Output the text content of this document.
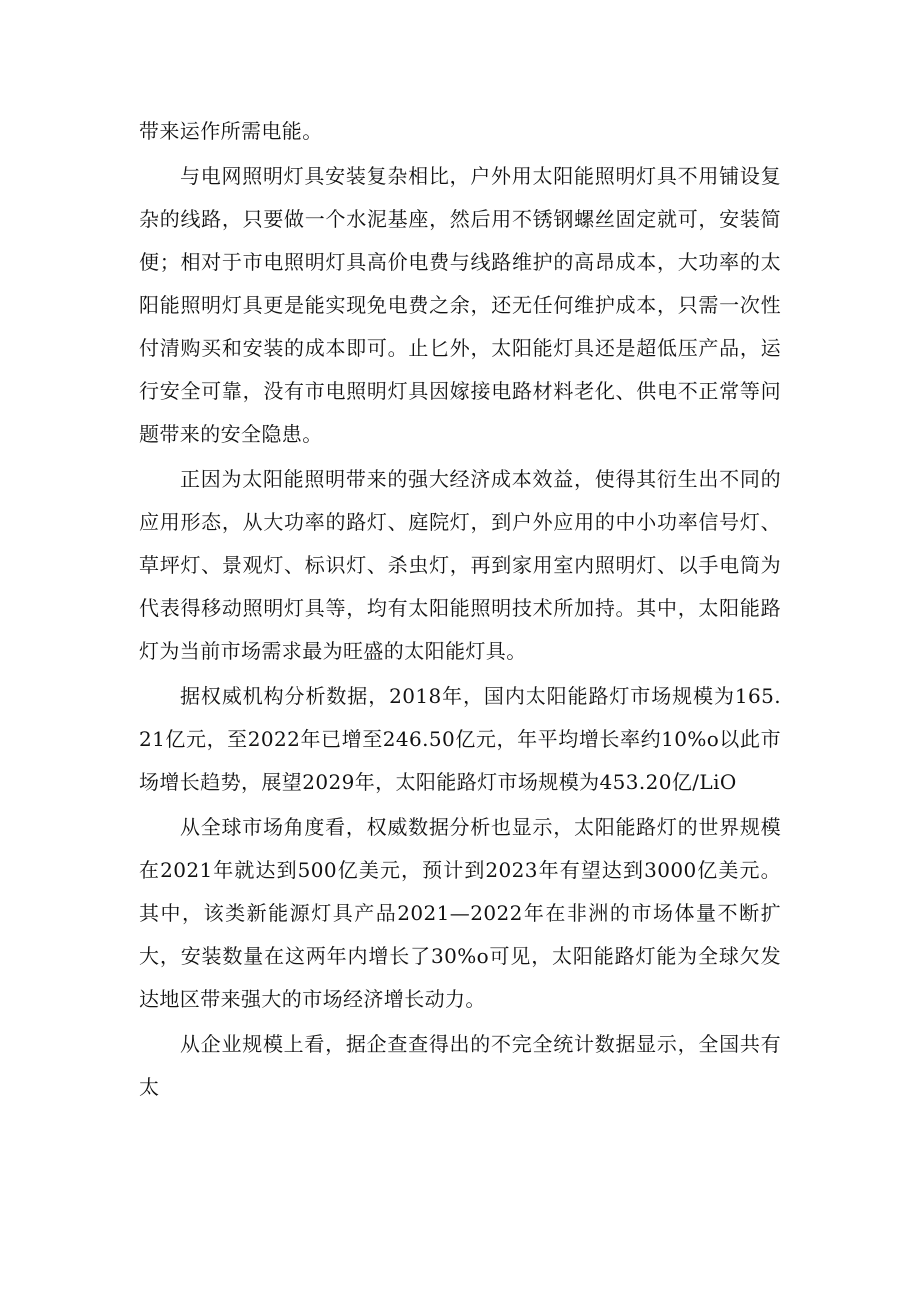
带来运作所需电能。

与电网照明灯具安装复杂相比，户外用太阳能照明灯具不用铺设复杂的线路，只要做一个水泥基座，然后用不锈钢螺丝固定就可，安装简便；相对于市电照明灯具高价电费与线路维护的高昂成本，大功率的太阳能照明灯具更是能实现免电费之余，还无任何维护成本，只需一次性付清购买和安装的成本即可。止匕外，太阳能灯具还是超低压产品，运行安全可靠，没有市电照明灯具因嫁接电路材料老化、供电不正常等问题带来的安全隐患。

正因为太阳能照明带来的强大经济成本效益，使得其衍生出不同的应用形态，从大功率的路灯、庭院灯，到户外应用的中小功率信号灯、草坪灯、景观灯、标识灯、杀虫灯，再到家用室内照明灯、以手电筒为代表得移动照明灯具等，均有太阳能照明技术所加持。其中，太阳能路灯为当前市场需求最为旺盛的太阳能灯具。

据权威机构分析数据，2018年，国内太阳能路灯市场规模为165.21亿元，至2022年已增至246.50亿元，年平均增长率约10%o以此市场增长趋势，展望2029年，太阳能路灯市场规模为453.20亿/LiO

从全球市场角度看，权威数据分析也显示，太阳能路灯的世界规模在2021年就达到500亿美元，预计到2023年有望达到3000亿美元。其中，该类新能源灯具产品2021—2022年在非洲的市场体量不断扩大，安装数量在这两年内增长了30%o可见，太阳能路灯能为全球欠发达地区带来强大的市场经济增长动力。

从企业规模上看，据企查查得出的不完全统计数据显示，全国共有太
